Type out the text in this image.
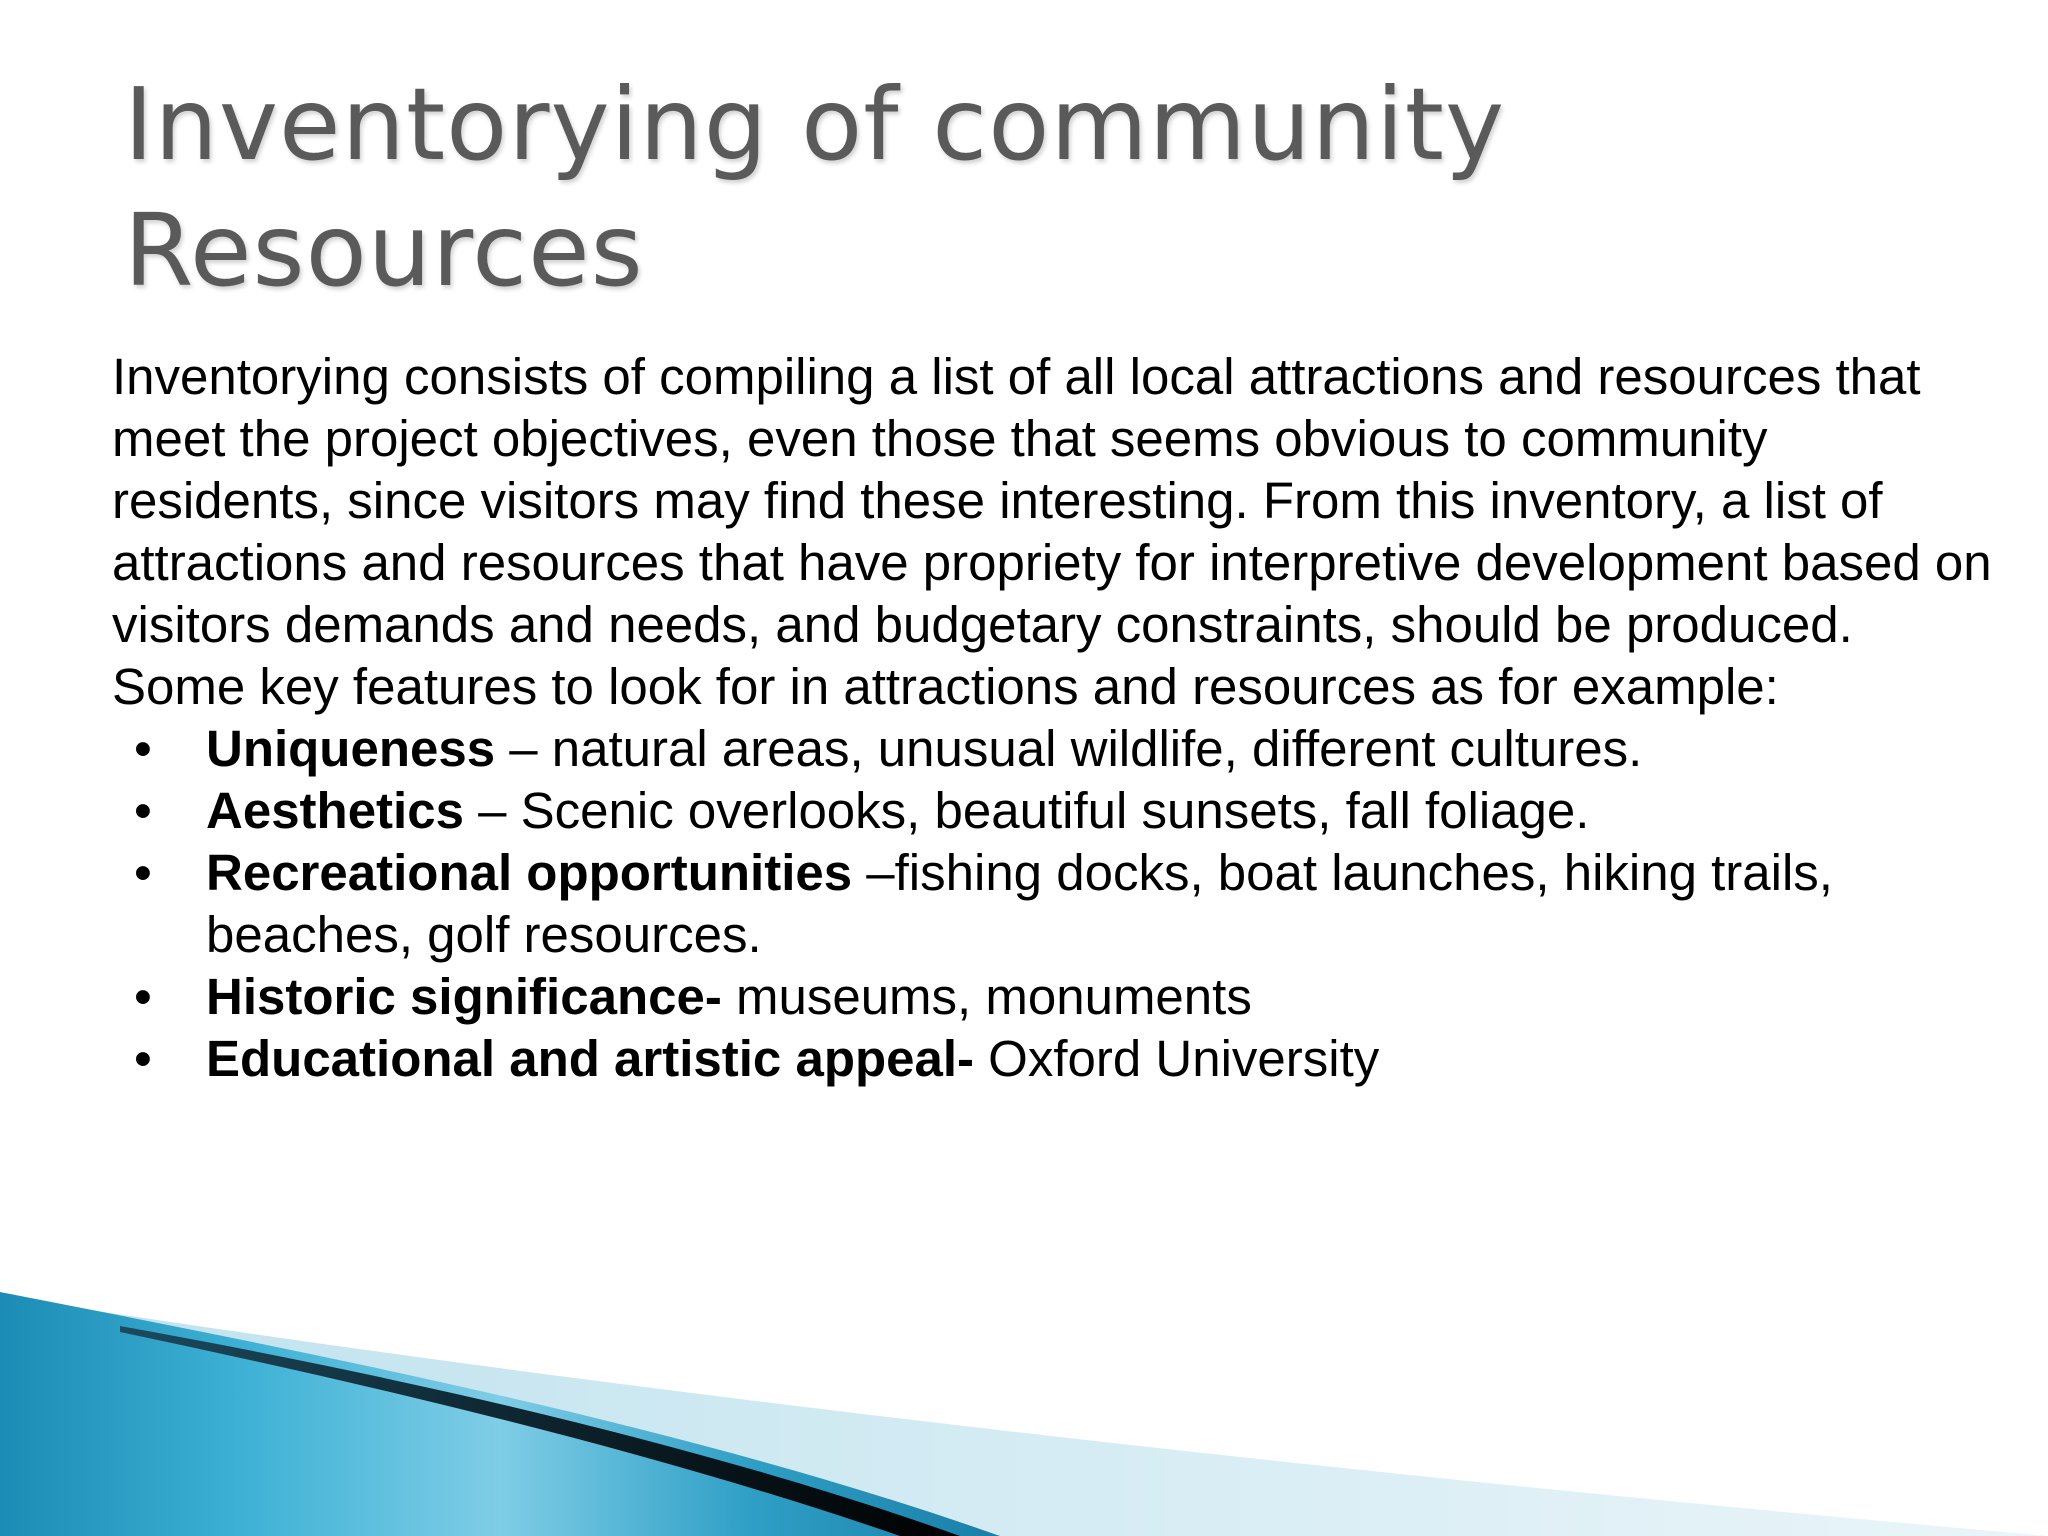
Inventorying of community
Resources

Inventorying consists of compiling a list of all local attractions and resources that meet the project objectives, even those that seems obvious to community residents, since visitors may find these interesting. From this inventory, a list of attractions and resources that have propriety for interpretive development based on visitors demands and needs, and budgetary constraints, should be produced. Some key features to look for in attractions and resources as for example:

•	Uniqueness – natural areas, unusual wildlife, different cultures.
•	Aesthetics – Scenic overlooks, beautiful sunsets, fall foliage.
•	Recreational opportunities –fishing docks, boat launches, hiking trails, beaches, golf resources.
•	Historic significance- museums, monuments
•	Educational and artistic appeal- Oxford University
